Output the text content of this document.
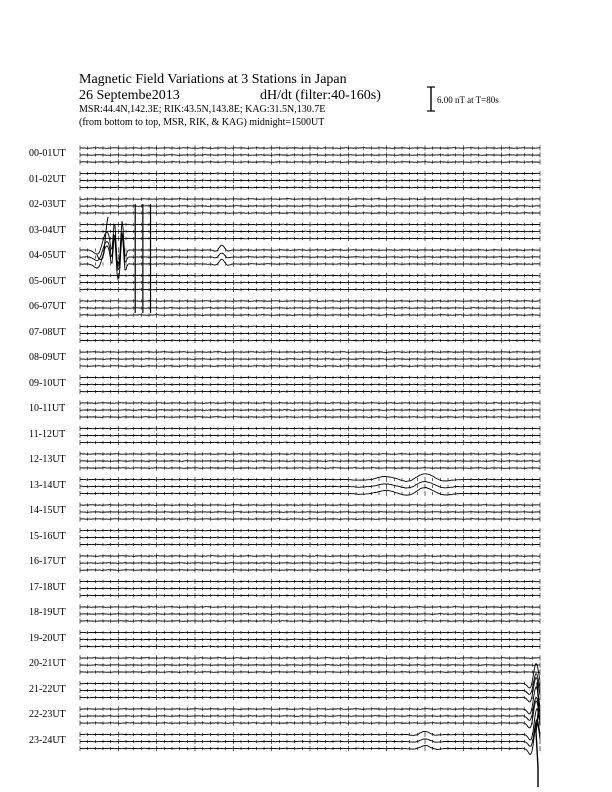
Magnetic Field Variations at 3 Stations in Japan
26 Septembe2013	dH/dt (filter:40-160s)
MSR:44.4N,142.3E; RIK:43.5N,143.8E; KAG:31.5N,130.7E
(from bottom to top, MSR, RIK, & KAG) midnight=1500UT
6.00 nT at T=80s
00-01UT
01-02UT
02-03UT
03-04UT
04-05UT
05-06UT
06-07UT
07-08UT
08-09UT
09-10UT
10-11UT
11-12UT
12-13UT
13-14UT
14-15UT
15-16UT
16-17UT
17-18UT
18-19UT
19-20UT
20-21UT
21-22UT
22-23UT
23-24UT
